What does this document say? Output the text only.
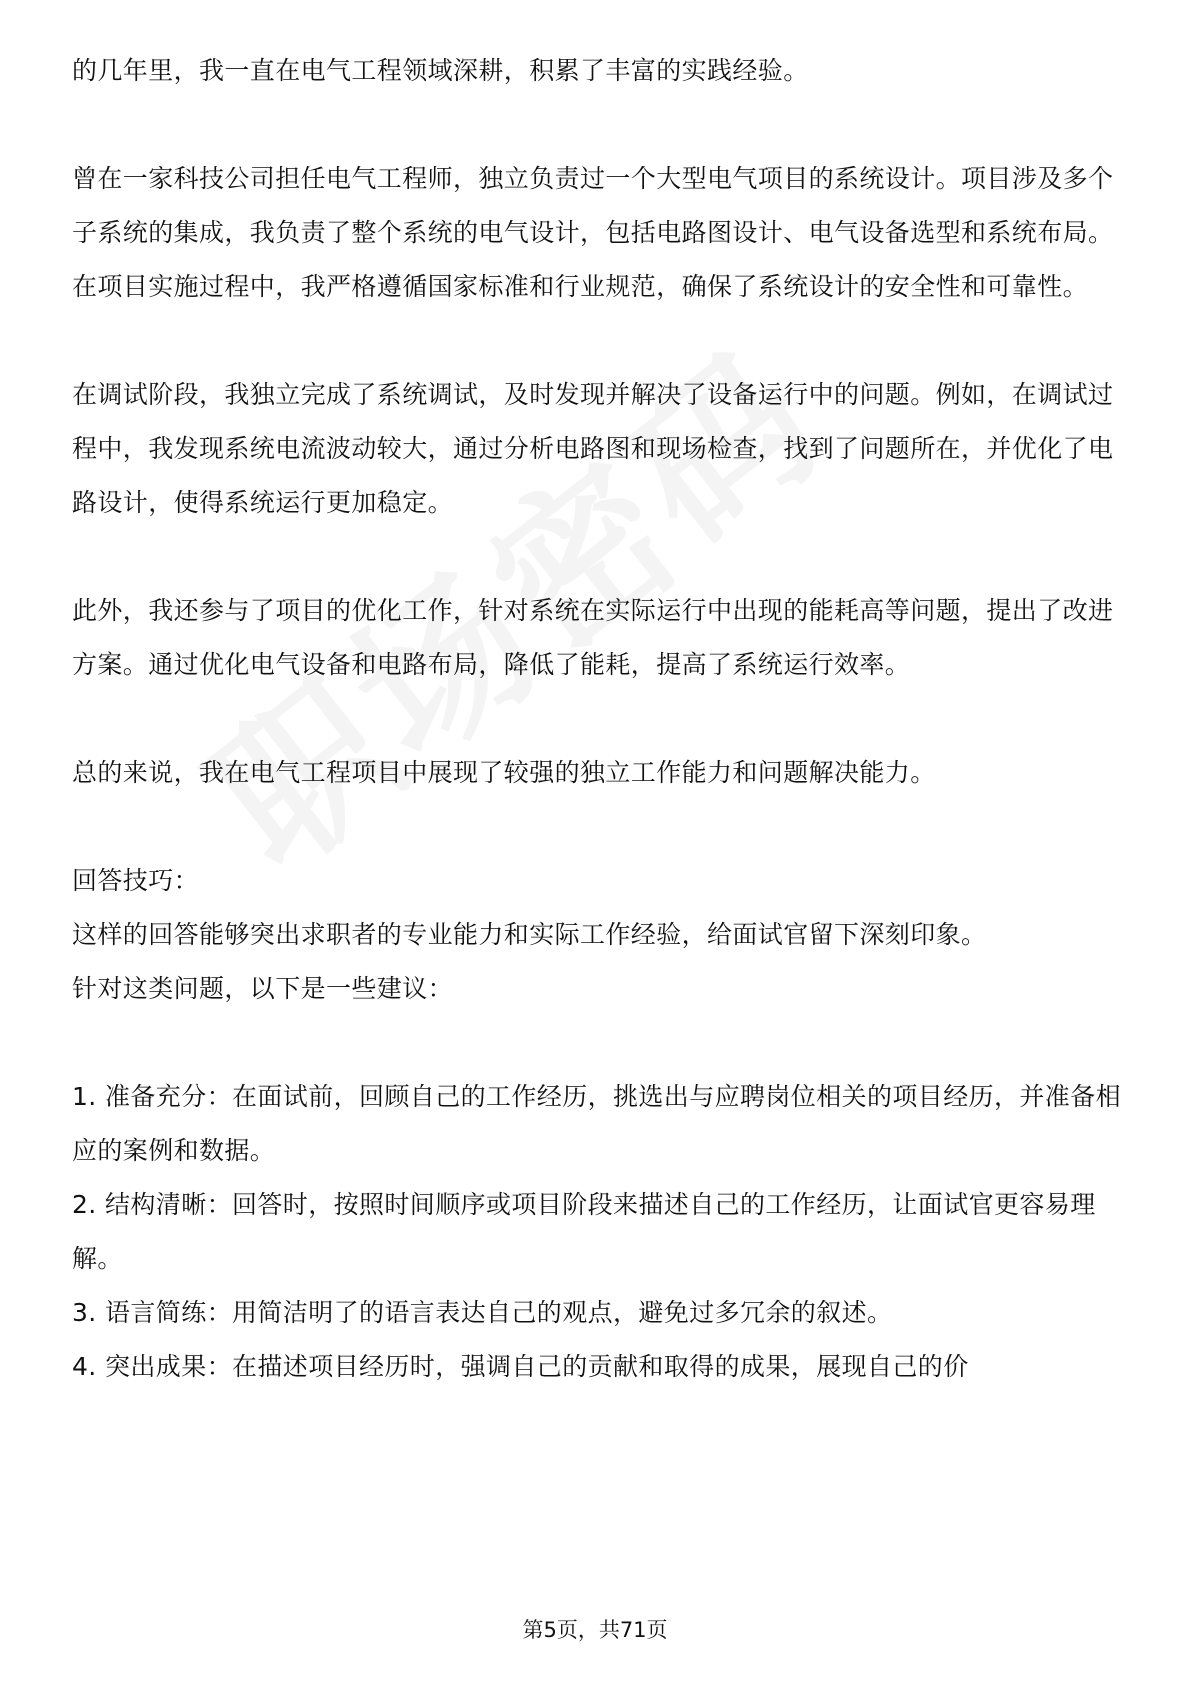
的几年里，我一直在电气工程领域深耕，积累了丰富的实践经验。

曾在一家科技公司担任电气工程师，独立负责过一个大型电气项目的系统设计。项目涉及多个子系统的集成，我负责了整个系统的电气设计，包括电路图设计、电气设备选型和系统布局。在项目实施过程中，我严格遵循国家标准和行业规范，确保了系统设计的安全性和可靠性。

在调试阶段，我独立完成了系统调试，及时发现并解决了设备运行中的问题。例如，在调试过程中，我发现系统电流波动较大，通过分析电路图和现场检查，找到了问题所在，并优化了电路设计，使得系统运行更加稳定。

此外，我还参与了项目的优化工作，针对系统在实际运行中出现的能耗高等问题，提出了改进方案。通过优化电气设备和电路布局，降低了能耗，提高了系统运行效率。

总的来说，我在电气工程项目中展现了较强的独立工作能力和问题解决能力。

回答技巧：

这样的回答能够突出求职者的专业能力和实际工作经验，给面试官留下深刻印象。

针对这类问题，以下是一些建议：

1. 准备充分：在面试前，回顾自己的工作经历，挑选出与应聘岗位相关的项目经历，并准备相应的案例和数据。

2. 结构清晰：回答时，按照时间顺序或项目阶段来描述自己的工作经历，让面试官更容易理解。

3. 语言简练：用简洁明了的语言表达自己的观点，避免过多冗余的叙述。

4. 突出成果：在描述项目经历时，强调自己的贡献和取得的成果，展现自己的价

第5页，共71页
